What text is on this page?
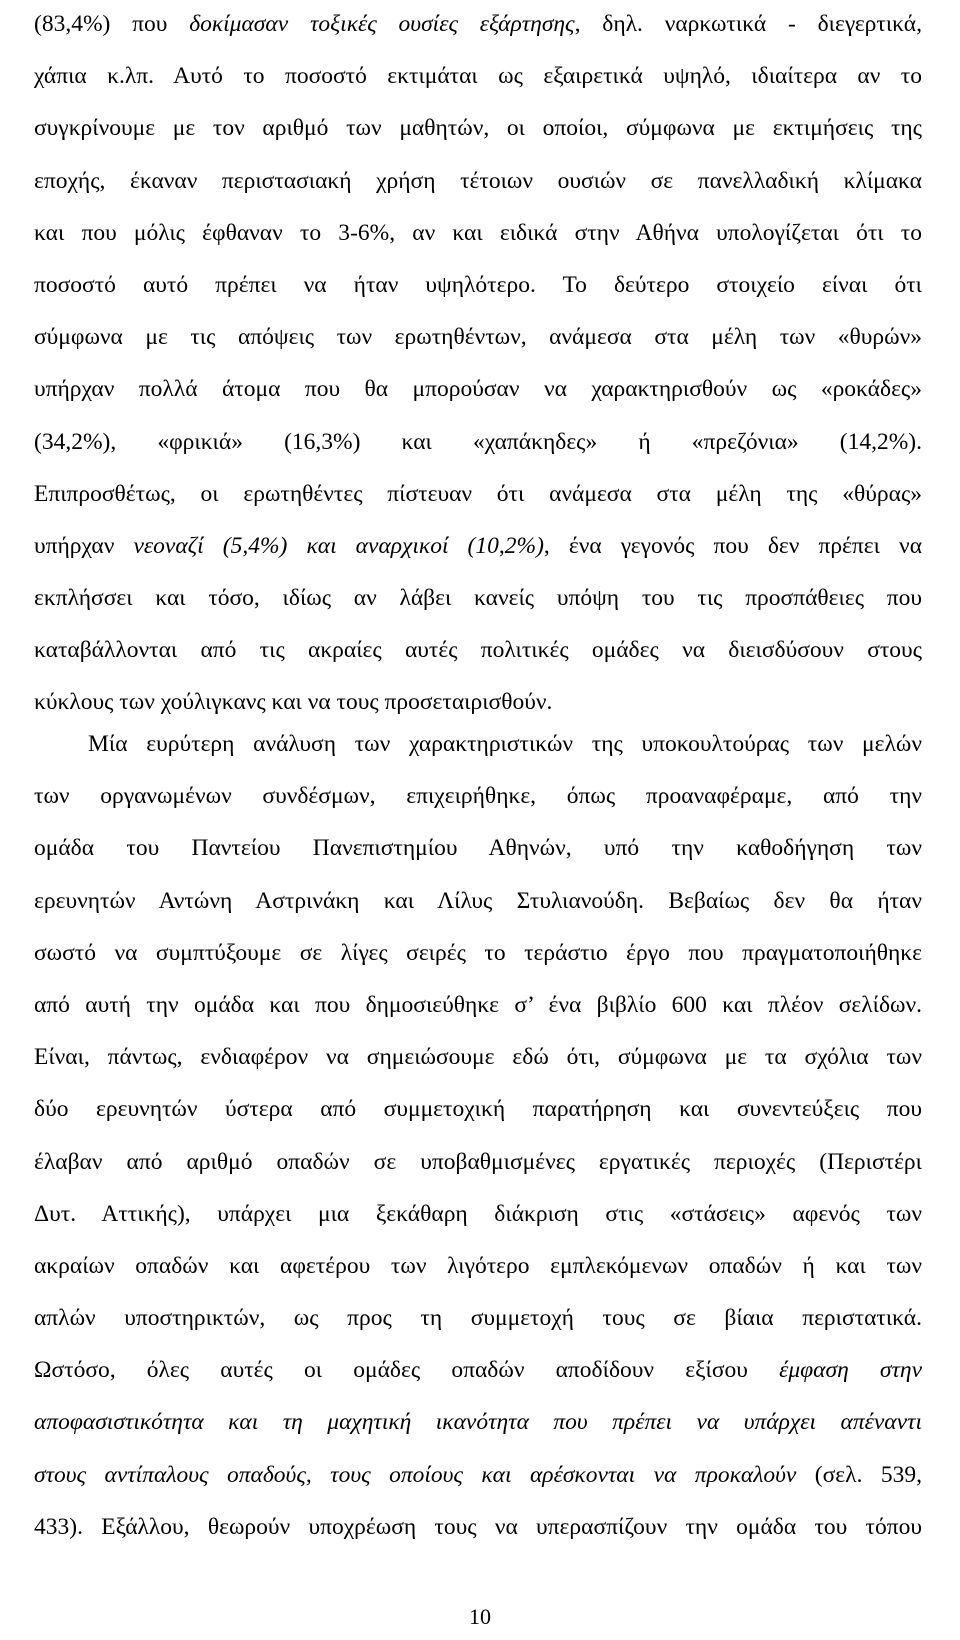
(83,4%) που δοκίμασαν τοξικές ουσίες εξάρτησης, δηλ. ναρκωτικά - διεγερτικά,
χάπια κ.λπ. Αυτό το ποσοστό εκτιμάται ως εξαιρετικά υψηλό, ιδιαίτερα αν το
συγκρίνουμε με τον αριθμό των μαθητών, οι οποίοι, σύμφωνα με εκτιμήσεις της
εποχής, έκαναν περιστασιακή χρήση τέτοιων ουσιών σε πανελλαδική κλίμακα
και που μόλις έφθαναν το 3-6%, αν και ειδικά στην Αθήνα υπολογίζεται ότι το
ποσοστό αυτό πρέπει να ήταν υψηλότερο. Το δεύτερο στοιχείο είναι ότι
σύμφωνα με τις απόψεις των ερωτηθέντων, ανάμεσα στα μέλη των «θυρών»
υπήρχαν πολλά άτομα που θα μπορούσαν να χαρακτηρισθούν ως «ροκάδες»
(34,2%), «φρικιά» (16,3%) και «χαπάκηδες» ή «πρεζόνια» (14,2%).
Επιπροσθέτως, οι ερωτηθέντες πίστευαν ότι ανάμεσα στα μέλη της «θύρας»
υπήρχαν νεοναζί (5,4%) και αναρχικοί (10,2%), ένα γεγονός που δεν πρέπει να
εκπλήσσει και τόσο, ιδίως αν λάβει κανείς υπόψη του τις προσπάθειες που
καταβάλλονται από τις ακραίες αυτές πολιτικές ομάδες να διεισδύσουν στους
κύκλους των χούλιγκανς και να τους προσεταιρισθούν.
Μία ευρύτερη ανάλυση των χαρακτηριστικών της υποκουλτούρας των μελών
των οργανωμένων συνδέσμων, επιχειρήθηκε, όπως προαναφέραμε, από την
ομάδα του Παντείου Πανεπιστημίου Αθηνών, υπό την καθοδήγηση των
ερευνητών Αντώνη Αστρινάκη και Λίλυς Στυλιανούδη. Βεβαίως δεν θα ήταν
σωστό να συμπτύξουμε σε λίγες σειρές το τεράστιο έργο που πραγματοποιήθηκε
από αυτή την ομάδα και που δημοσιεύθηκε σ’ ένα βιβλίο 600 και πλέον σελίδων.
Είναι, πάντως, ενδιαφέρον να σημειώσουμε εδώ ότι, σύμφωνα με τα σχόλια των
δύο ερευνητών ύστερα από συμμετοχική παρατήρηση και συνεντεύξεις που
έλαβαν από αριθμό οπαδών σε υποβαθμισμένες εργατικές περιοχές (Περιστέρι
Δυτ. Αττικής), υπάρχει μια ξεκάθαρη διάκριση στις «στάσεις» αφενός των
ακραίων οπαδών και αφετέρου των λιγότερο εμπλεκόμενων οπαδών ή και των
απλών υποστηρικτών, ως προς τη συμμετοχή τους σε βίαια περιστατικά.
Ωστόσο, όλες αυτές οι ομάδες οπαδών αποδίδουν εξίσου έμφαση στην
αποφασιστικότητα και τη μαχητική ικανότητα που πρέπει να υπάρχει απέναντι
στους αντίπαλους οπαδούς, τους οποίους και αρέσκονται να προκαλούν (σελ. 539,
433). Εξάλλου, θεωρούν υποχρέωση τους να υπερασπίζουν την ομάδα του τόπου
10
